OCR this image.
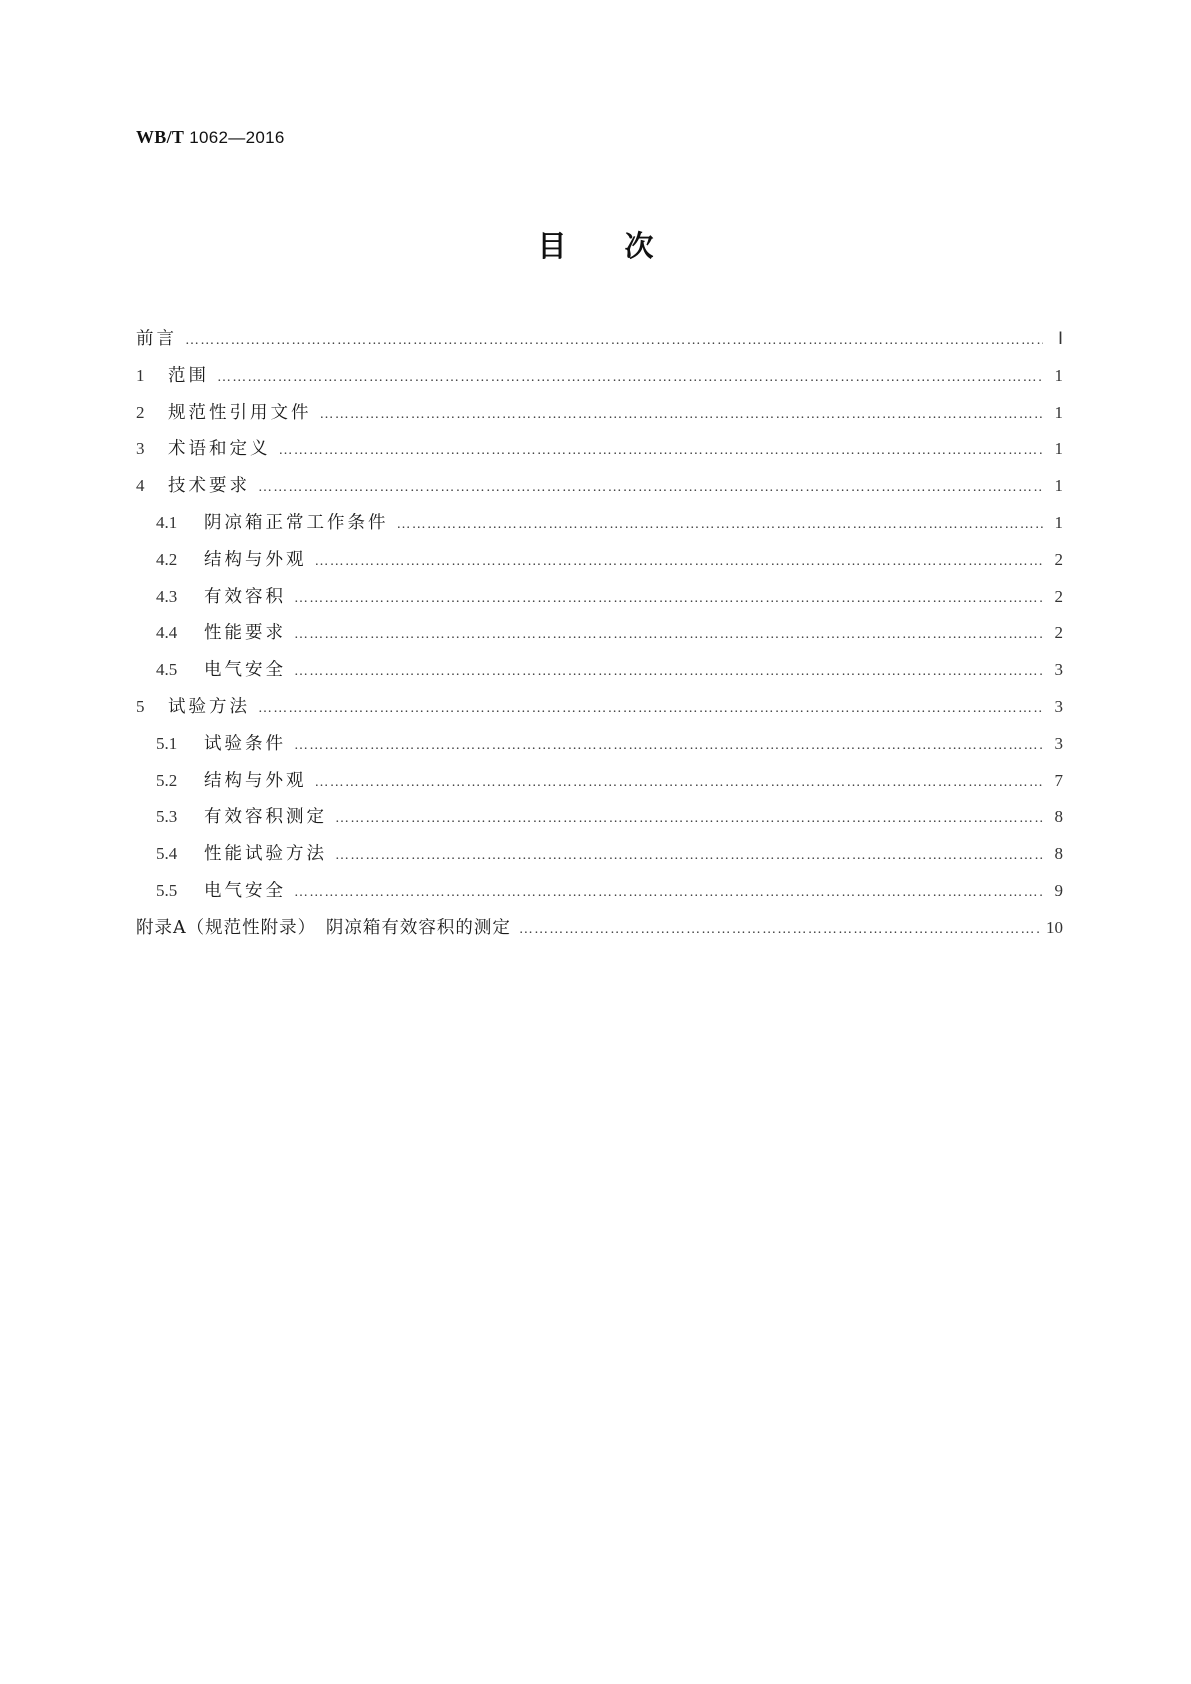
WB/T 1062—2016
目 次
前言 …………………………………………………………………………………………………………………………………………………………………………………………………………	Ⅰ
1	范围 …………………………………………………………………………………………………………………………………………………………………………………………………………	1
2	规范性引用文件 …………………………………………………………………………………………………………………………………………………………………………………………………………	1
3	术语和定义 …………………………………………………………………………………………………………………………………………………………………………………………………………	1
4	技术要求 …………………………………………………………………………………………………………………………………………………………………………………………………………	1
4.1	阴凉箱正常工作条件 …………………………………………………………………………………………………………………………………………………………………………………………………………	1
4.2	结构与外观 …………………………………………………………………………………………………………………………………………………………………………………………………………	2
4.3	有效容积 …………………………………………………………………………………………………………………………………………………………………………………………………………	2
4.4	性能要求 …………………………………………………………………………………………………………………………………………………………………………………………………………	2
4.5	电气安全 …………………………………………………………………………………………………………………………………………………………………………………………………………	3
5	试验方法 …………………………………………………………………………………………………………………………………………………………………………………………………………	3
5.1	试验条件 …………………………………………………………………………………………………………………………………………………………………………………………………………	3
5.2	结构与外观 …………………………………………………………………………………………………………………………………………………………………………………………………………	7
5.3	有效容积测定 …………………………………………………………………………………………………………………………………………………………………………………………………………	8
5.4	性能试验方法 …………………………………………………………………………………………………………………………………………………………………………………………………………	8
5.5	电气安全 …………………………………………………………………………………………………………………………………………………………………………………………………………	9
附录A（规范性附录）　阴凉箱有效容积的测定 …………………………………………………………………………………………………………………………………………………………………………………………………………	10
